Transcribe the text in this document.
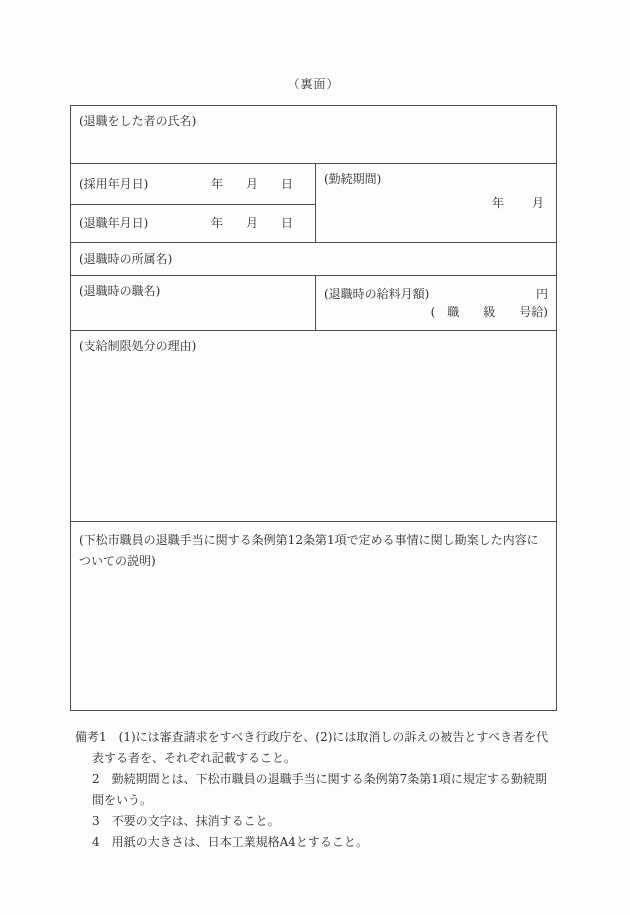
（裏面）
(退職をした者の氏名)
(採用年月日)	年 月 日
(退職年月日)	年 月 日
(勤続期間)
年 月
(退職時の所属名)
(退職時の職名)	(退職時の給料月額)	円
(　職　　級　　号給)
(支給制限処分の理由)
(下松市職員の退職手当に関する条例第12条第1項で定める事情に関し勘案した内容についての説明)
備考1　(1)には審査請求をすべき行政庁を、(2)には取消しの訴えの被告とすべき者を代
表する者を、それぞれ記載すること。
2　勤続期間とは、下松市職員の退職手当に関する条例第7条第1項に規定する勤続期
間をいう。
3　不要の文字は、抹消すること。
4　用紙の大きさは、日本工業規格A4とすること。
